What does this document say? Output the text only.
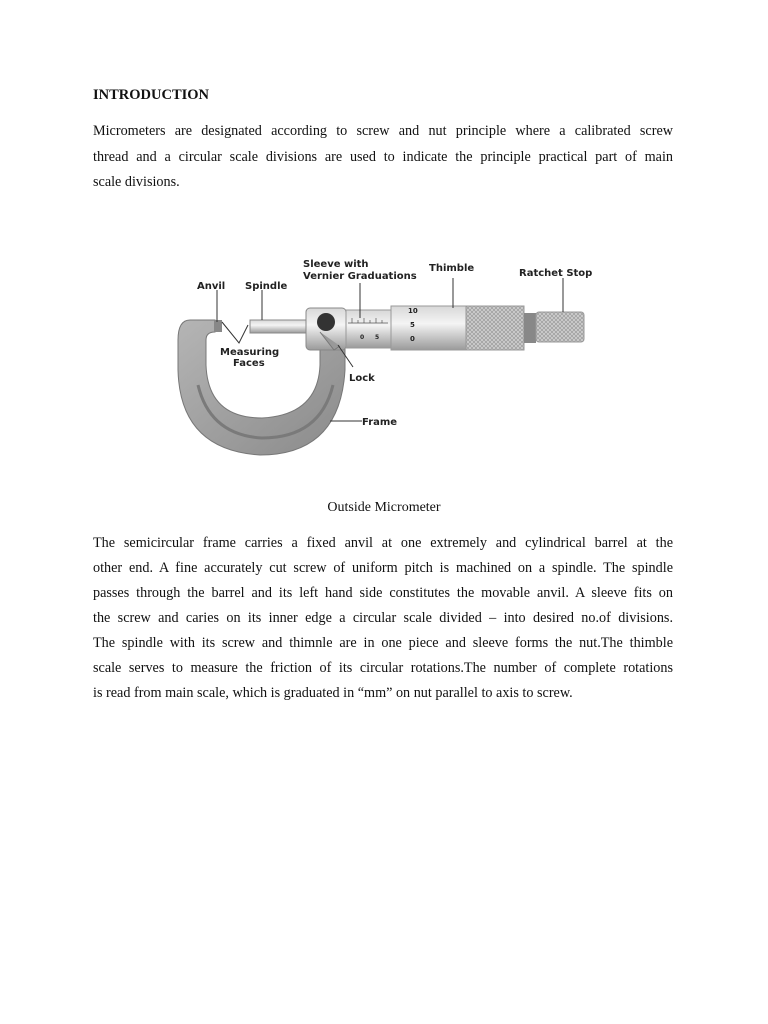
INTRODUCTION
Micrometers are designated according to screw and nut principle where a calibrated screw
thread and a circular scale divisions are used to indicate the principle practical part of main
scale divisions.
0 5
10
5
0
Anvil Spindle
Sleeve with
Vernier Graduations
Thimble	Ratchet Stop
Measuring
Faces
Lock
Frame
Outside Micrometer
The semicircular frame carries a fixed anvil at one extremely and cylindrical barrel at the
other end. A fine accurately cut screw of uniform pitch is machined on a spindle. The spindle
passes through the barrel and its left hand side constitutes the movable anvil. A sleeve fits on
the screw and caries on its inner edge a circular scale divided – into desired no.of divisions.
The spindle with its screw and thimnle are in one piece and sleeve forms the nut.The thimble
scale serves to measure the friction of its circular rotations.The number of complete rotations
is read from main scale, which is graduated in “mm” on nut parallel to axis to screw.
